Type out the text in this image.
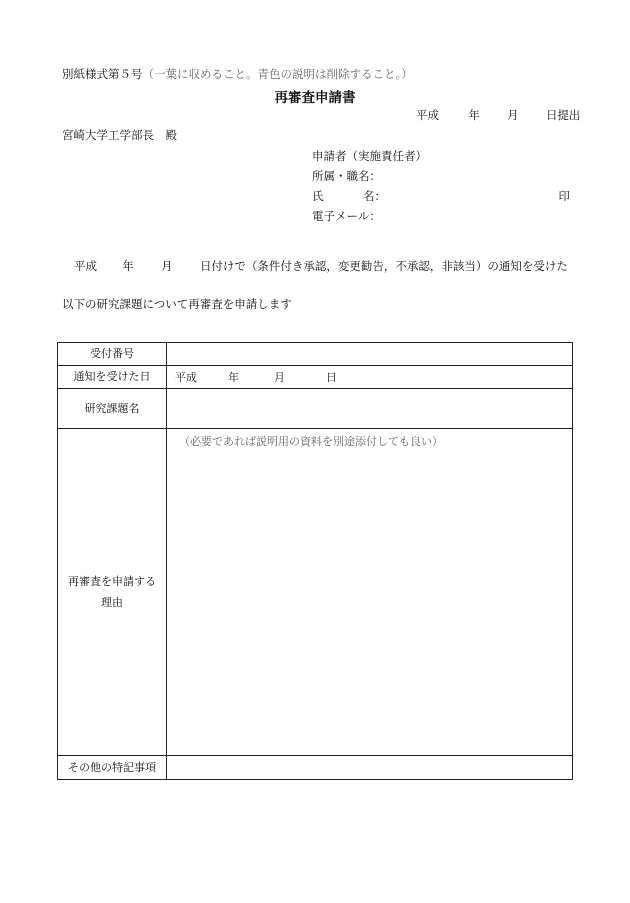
別紙様式第５号（一葉に収めること。青色の説明は削除すること。）
再審査申請書
平成	年 月 日提出
宮崎大学工学部長　殿
申請者（実施責任者）
所属・職名：
氏	名：	印
電子メール：
平成 年 月 日付けで（条件付き承認，変更勧告，不承認，非該当）の通知を受けた
以下の研究課題について再審査を申請します
受付番号	
通知を受けた日	平成 年 月 日
研究課題名	

再審査を申請する
理由	（必要であれば説明用の資料を別途添付しても良い）

その他の特記事項	
